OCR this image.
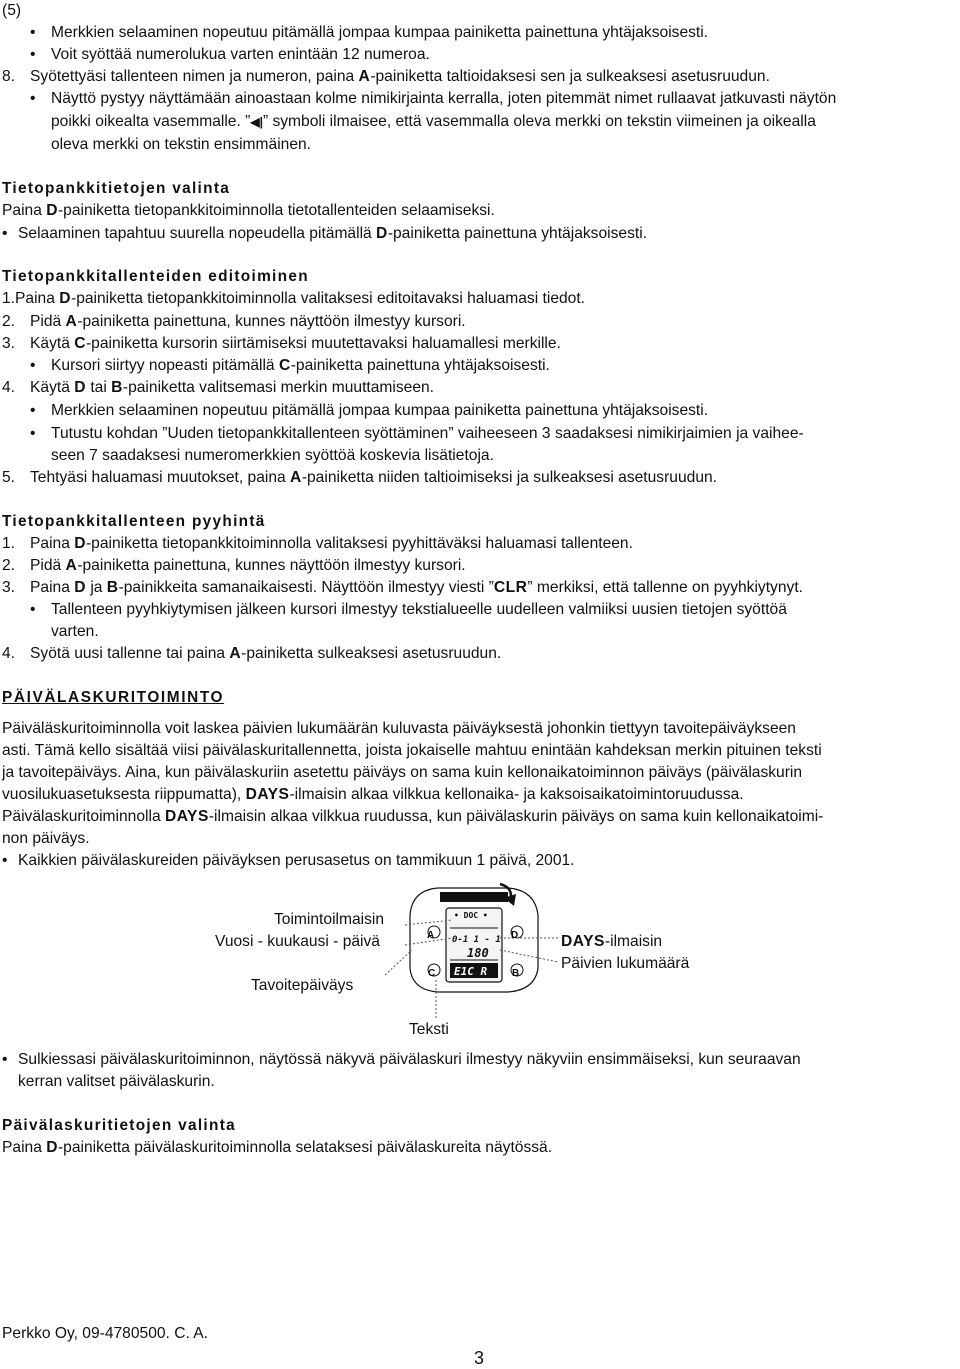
(5)
• Merkkien selaaminen nopeutuu pitämällä jompaa kumpaa painiketta painettuna yhtäjaksoisesti.
• Voit syöttää numerolukua varten enintään 12 numeroa.
8. Syötettyäsi tallenteen nimen ja numeron, paina A-painiketta taltioidaksesi sen ja sulkeaksesi asetusruudun.
• Näyttö pystyy näyttämään ainoastaan kolme nimikirjainta kerralla, joten pitemmät nimet rullaavat jatkuvasti näytön
poikki oikealta vasemmalle. ”◀|” symboli ilmaisee, että vasemmalla oleva merkki on tekstin viimeinen ja oikealla
oleva merkki on tekstin ensimmäinen.
Tietopankkitietojen valinta
Paina D-painiketta tietopankkitoiminnolla tietotallenteiden selaamiseksi.
• Selaaminen tapahtuu suurella nopeudella pitämällä D-painiketta painettuna yhtäjaksoisesti.
Tietopankkitallenteiden editoiminen
1.Paina D-painiketta tietopankkitoiminnolla valitaksesi editoitavaksi haluamasi tiedot.
2. Pidä A-painiketta painettuna, kunnes näyttöön ilmestyy kursori.
3. Käytä C-painiketta kursorin siirtämiseksi muutettavaksi haluamallesi merkille.
• Kursori siirtyy nopeasti pitämällä C-painiketta painettuna yhtäjaksoisesti.
4. Käytä D tai B-painiketta valitsemasi merkin muuttamiseen.
• Merkkien selaaminen nopeutuu pitämällä jompaa kumpaa painiketta painettuna yhtäjaksoisesti.
• Tutustu kohdan ”Uuden tietopankkitallenteen syöttäminen” vaiheeseen 3 saadaksesi nimikirjaimien ja vaihee-
seen 7 saadaksesi numeromerkkien syöttöä koskevia lisätietoja.
5. Tehtyäsi haluamasi muutokset, paina A-painiketta niiden taltioimiseksi ja sulkeaksesi asetusruudun.
Tietopankkitallenteen pyyhintä
1. Paina D-painiketta tietopankkitoiminnolla valitaksesi pyyhittäväksi haluamasi tallenteen.
2. Pidä A-painiketta painettuna, kunnes näyttöön ilmestyy kursori.
3. Paina D ja B-painikkeita samanaikaisesti. Näyttöön ilmestyy viesti ”CLR” merkiksi, että tallenne on pyyhkiytynyt.
• Tallenteen pyyhkiytymisen jälkeen kursori ilmestyy tekstialueelle uudelleen valmiiksi uusien tietojen syöttöä
varten.
4. Syötä uusi tallenne tai paina A-painiketta sulkeaksesi asetusruudun.
PÄIVÄLASKURITOIMINTO
Päiväläskuritoiminnolla voit laskea päivien lukumäärän kuluvasta päiväyksestä johonkin tiettyyn tavoitepäiväykseen
asti. Tämä kello sisältää viisi päivälaskuritallennetta, joista jokaiselle mahtuu enintään kahdeksan merkin pituinen teksti
ja tavoitepäiväys. Aina, kun päivälaskuriin asetettu päiväys on sama kuin kellonaikatoiminnon päiväys (päivälaskurin
vuosilukuasetuksesta riippumatta), DAYS-ilmaisin alkaa vilkkua kellonaika- ja kaksoisaikatoimintoruudussa.
Päivälaskuritoiminnolla DAYS-ilmaisin alkaa vilkkua ruudussa, kun päivälaskurin päiväys on sama kuin kellonaikatoimi-
non päiväys.
• Kaikkien päivälaskureiden päiväyksen perusasetus on tammikuun 1 päivä, 2001.
A	D
C	B
• DOC •
0-1 1 - 1
180
E1C R
Toimintoilmaisin
Vuosi - kuukausi - päivä
Tavoitepäiväys
DAYS-ilmaisin
Päivien lukumäärä
Teksti
• Sulkiessasi päivälaskuritoiminnon, näytössä näkyvä päivälaskuri ilmestyy näkyviin ensimmäiseksi, kun seuraavan
kerran valitset päivälaskurin.
Päivälaskuritietojen valinta
Paina D-painiketta päivälaskuritoiminnolla selataksesi päivälaskureita näytössä.
Perkko Oy, 09-4780500. C. A.
3
